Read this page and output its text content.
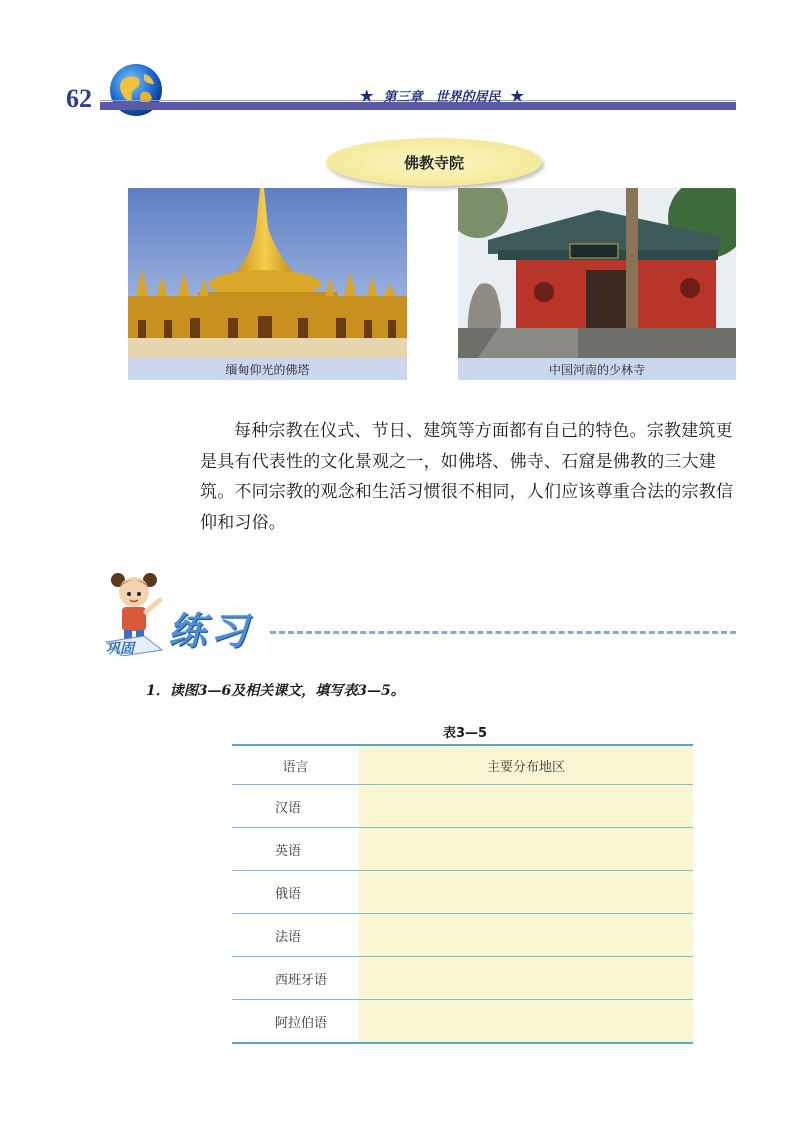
62	★ 第三章　世界的居民 ★
佛教寺院
缅甸仰光的佛塔	中国河南的少林寺
每种宗教在仪式、节日、建筑等方面都有自己的特色。宗教建筑更是具有代表性的文化景观之一，如佛塔、佛寺、石窟是佛教的三大建筑。不同宗教的观念和生活习惯很不相同，人们应该尊重合法的宗教信仰和习俗。
巩固 练习
1．读图3—6及相关课文，填写表3—5。
表3—5
语言	主要分布地区
汉语
英语
俄语
法语
西班牙语
阿拉伯语
